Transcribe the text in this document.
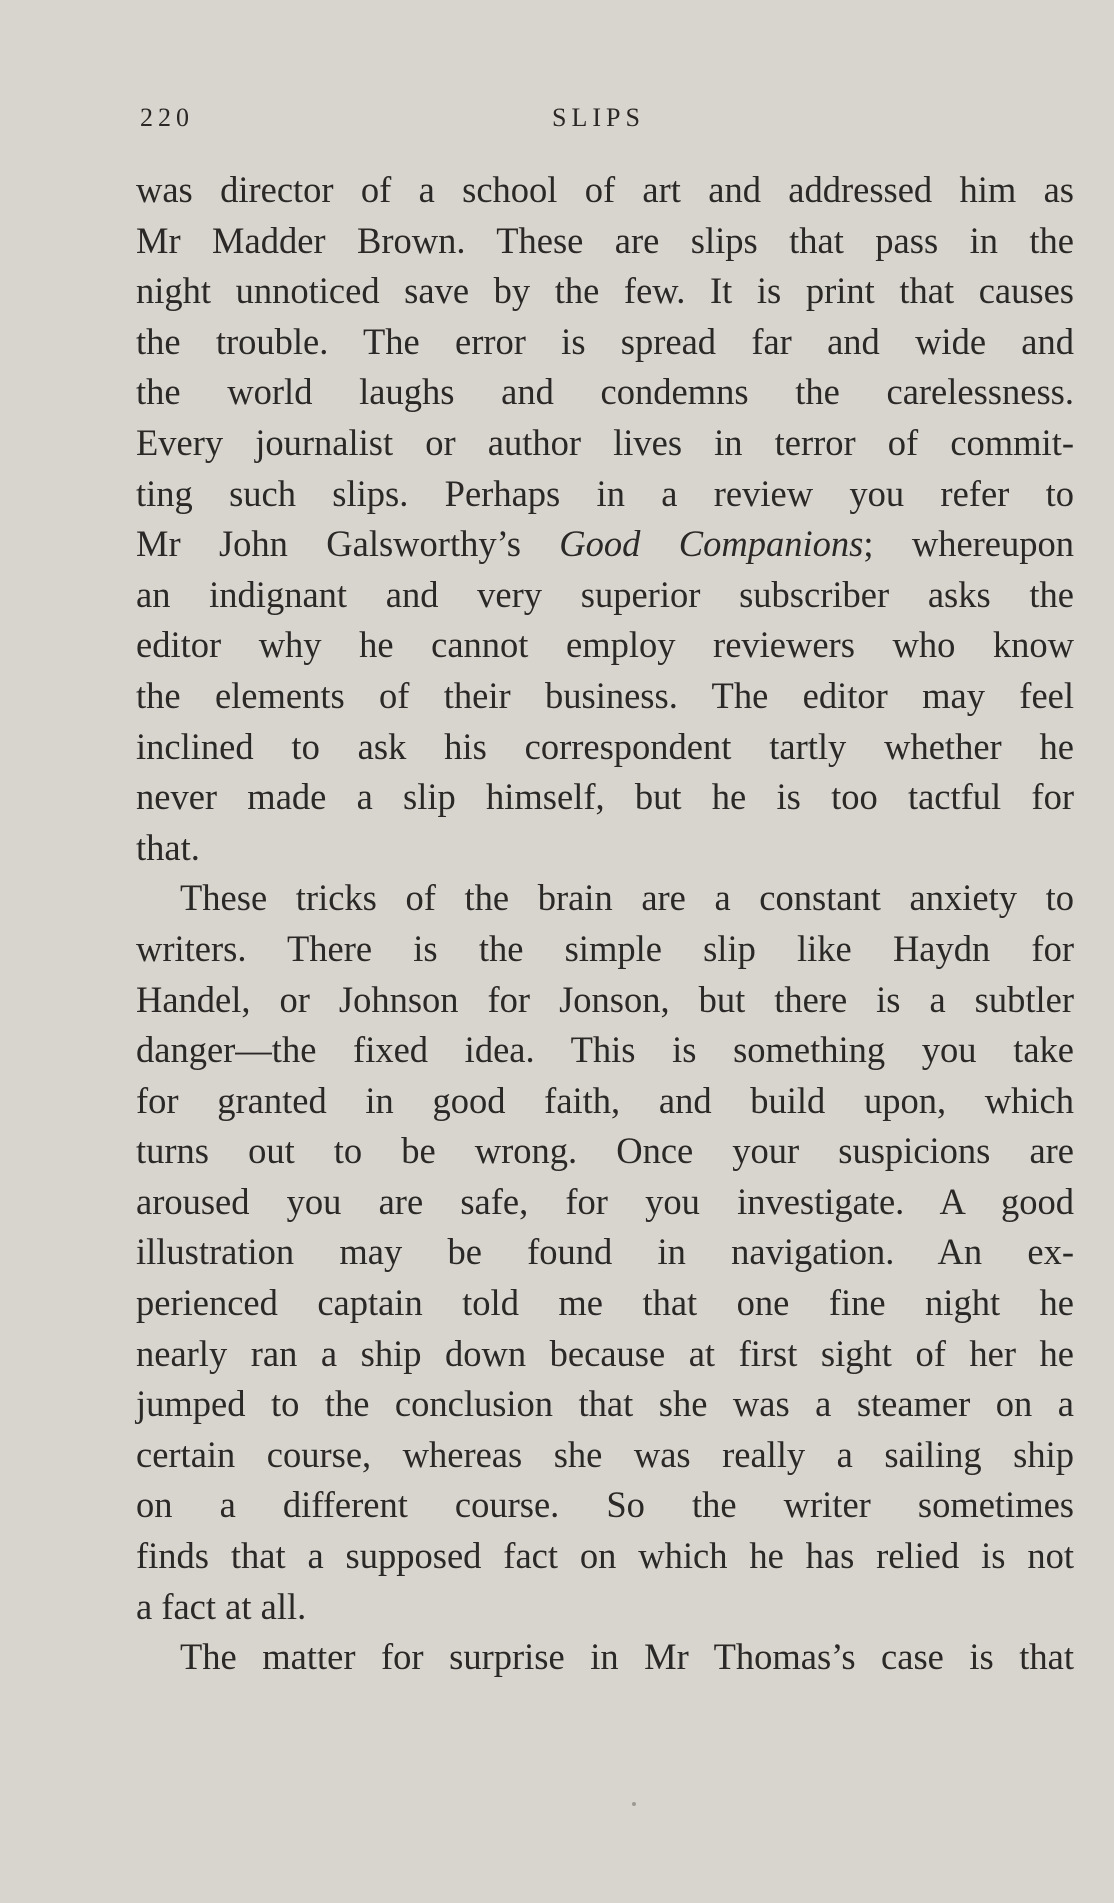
220	SLIPS
was director of a school of art and addressed him as
Mr Madder Brown. These are slips that pass in the
night unnoticed save by the few. It is print that causes
the trouble. The error is spread far and wide and
the world laughs and condemns the carelessness.
Every journalist or author lives in terror of commit-
ting such slips. Perhaps in a review you refer to
Mr John Galsworthy’s Good Companions; whereupon
an indignant and very superior subscriber asks the
editor why he cannot employ reviewers who know
the elements of their business. The editor may feel
inclined to ask his correspondent tartly whether he
never made a slip himself, but he is too tactful for
that.
These tricks of the brain are a constant anxiety to
writers. There is the simple slip like Haydn for
Handel, or Johnson for Jonson, but there is a subtler
danger—the fixed idea. This is something you take
for granted in good faith, and build upon, which
turns out to be wrong. Once your suspicions are
aroused you are safe, for you investigate. A good
illustration may be found in navigation. An ex-
perienced captain told me that one fine night he
nearly ran a ship down because at first sight of her he
jumped to the conclusion that she was a steamer on a
certain course, whereas she was really a sailing ship
on a different course. So the writer sometimes
finds that a supposed fact on which he has relied is not
a fact at all.
The matter for surprise in Mr Thomas’s case is that
